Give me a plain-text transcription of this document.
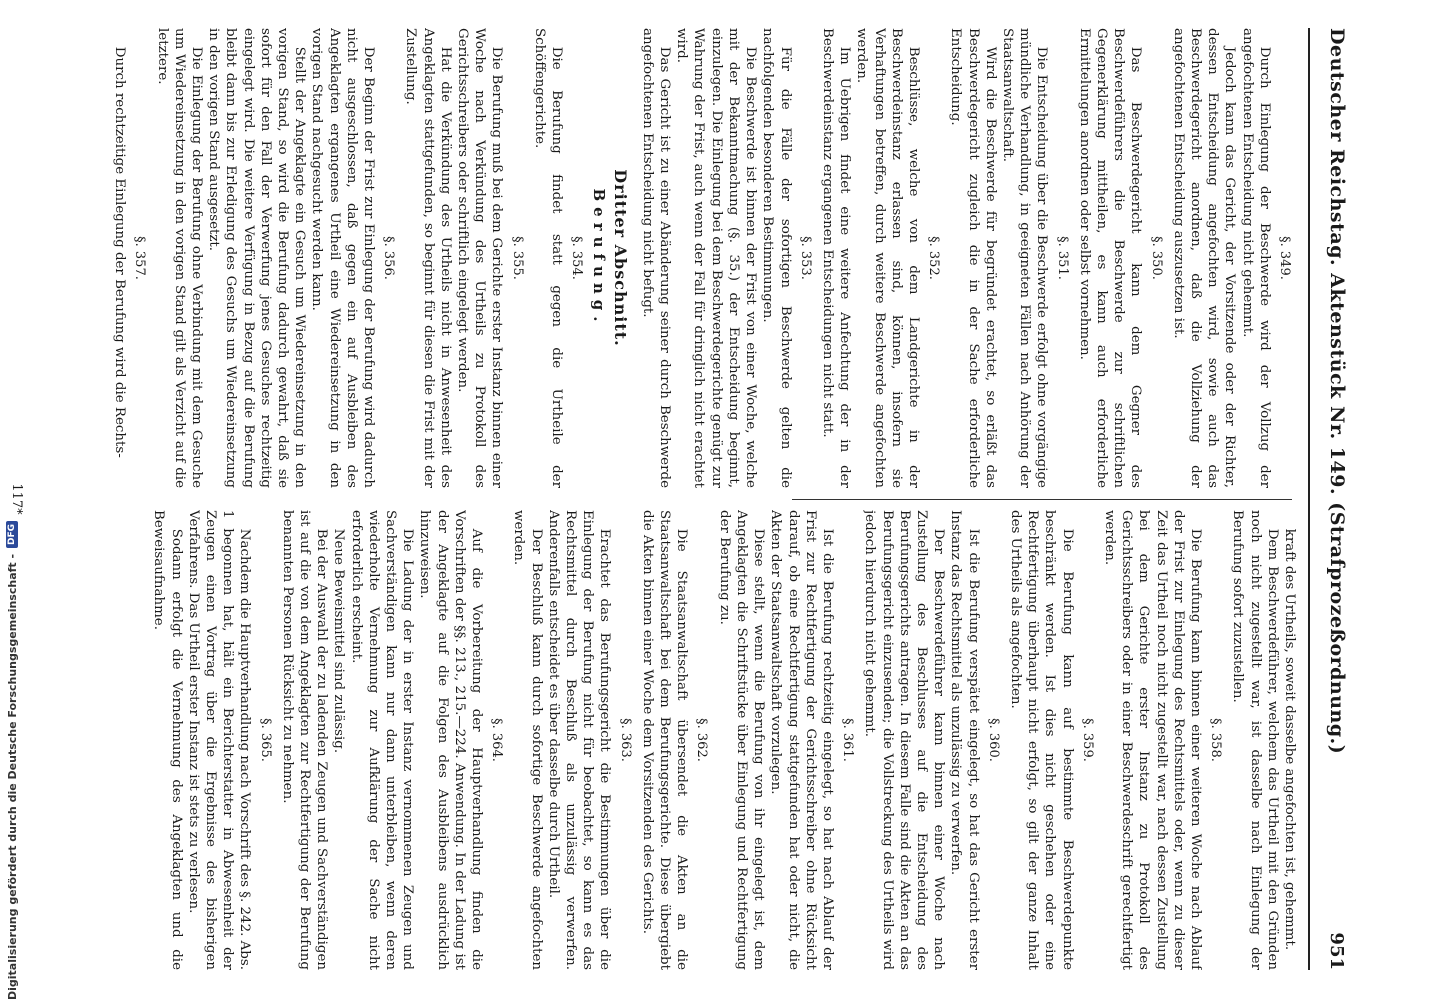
Deutscher Reichstag. Aktenstück Nr. 149. (Strafprozeßordnung.)
951

§. 349.

Durch Einlegung der Beschwerde wird der Vollzug der angefochtenen Entscheidung nicht gehemmt.

Jedoch kann das Gericht, der Vorsitzende oder der Richter, dessen Entscheidung angefochten wird, sowie auch das Beschwerdegericht anordnen, daß die Vollziehung der angefochtenen Entscheidung auszusetzen ist.

§. 350.

Das Beschwerdegericht kann dem Gegner des Beschwerdeführers die Beschwerde zur schriftlichen Gegenerklärung mittheilen, es kann auch erforderliche Ermittelungen anordnen oder selbst vornehmen.

§. 351.

Die Entscheidung über die Beschwerde erfolgt ohne vorgängige mündliche Verhandlung, in geeigneten Fällen nach Anhörung der Staatsanwaltschaft.

Wird die Beschwerde für begründet erachtet, so erläßt das Beschwerdegericht zugleich die in der Sache erforderliche Entscheidung.

§. 352.

Beschlüsse, welche von dem Landgerichte in der Beschwerdeinstanz erlassen sind, können, insofern sie Verhaftungen betreffen, durch weitere Beschwerde angefochten werden.

Im Uebrigen findet eine weitere Anfechtung der in der Beschwerdeinstanz ergangenen Entscheidungen nicht statt.

§. 353.

Für die Fälle der sofortigen Beschwerde gelten die nachfolgenden besonderen Bestimmungen.

Die Beschwerde ist binnen der Frist von einer Woche, welche mit der Bekanntmachung (§. 35.) der Entscheidung beginnt, einzulegen. Die Einlegung bei dem Beschwerdegerichte genügt zur Wahrung der Frist, auch wenn der Fall für dringlich nicht erachtet wird.

Das Gericht ist zu einer Abänderung seiner durch Beschwerde angefochtenen Entscheidung nicht befugt.

Dritter Abschnitt.

Berufung.

§. 354.

Die Berufung findet statt gegen die Urtheile der Schöffengerichte.

§. 355.

Die Berufung muß bei dem Gerichte erster Instanz binnen einer Woche nach Verkündung des Urtheils zu Protokoll des Gerichtsschreibers oder schriftlich eingelegt werden.

Hat die Verkündung des Urtheils nicht in Anwesenheit des Angeklagten stattgefunden, so beginnt für diesen die Frist mit der Zustellung.

§. 356.

Der Beginn der Frist zur Einlegung der Berufung wird dadurch nicht ausgeschlossen, daß gegen ein auf Ausbleiben des Angeklagten ergangenes Urtheil eine Wiedereinsetzung in den vorigen Stand nachgesucht werden kann.

Stellt der Angeklagte ein Gesuch um Wiedereinsetzung in den vorigen Stand, so wird die Berufung dadurch gewahrt, daß sie sofort für den Fall der Verwerfung jenes Gesuches rechtzeitig eingelegt wird. Die weitere Verfügung in Bezug auf die Berufung bleibt dann bis zur Erledigung des Gesuchs um Wiedereinsetzung in den vorigen Stand ausgesetzt.

Die Einlegung der Berufung ohne Verbindung mit dem Gesuche um Wiedereinsetzung in den vorigen Stand gilt als Verzicht auf die letztere.

§. 357.

Durch rechtzeitige Einlegung der Berufung wird die Rechts-

kraft des Urtheils, soweit dasselbe angefochten ist, gehemmt.

Dem Beschwerdeführer, welchem das Urtheil mit den Gründen noch nicht zugestellt war, ist dasselbe nach Einlegung der Berufung sofort zuzustellen.

§. 358.

Die Berufung kann binnen einer weiteren Woche nach Ablauf der Frist zur Einlegung des Rechtsmittels oder, wenn zu dieser Zeit das Urtheil noch nicht zugestellt war, nach dessen Zustellung bei dem Gerichte erster Instanz zu Protokoll des Gerichtsschreibers oder in einer Beschwerdeschrift gerechtfertigt werden.

§. 359.

Die Berufung kann auf bestimmte Beschwerdepunkte beschränkt werden. Ist dies nicht geschehen oder eine Rechtfertigung überhaupt nicht erfolgt, so gilt der ganze Inhalt des Urtheils als angefochten.

§. 360.

Ist die Berufung verspätet eingelegt, so hat das Gericht erster Instanz das Rechtsmittel als unzulässig zu verwerfen.

Der Beschwerdeführer kann binnen einer Woche nach Zustellung des Beschlusses auf die Entscheidung des Berufungsgerichts antragen. In diesem Falle sind die Akten an das Berufungsgericht einzusenden; die Vollstreckung des Urtheils wird jedoch hierdurch nicht gehemmt.

§. 361.

Ist die Berufung rechtzeitig eingelegt, so hat nach Ablauf der Frist zur Rechtfertigung der Gerichtsschreiber ohne Rücksicht darauf, ob eine Rechtfertigung stattgefunden hat oder nicht, die Akten der Staatsanwaltschaft vorzulegen.

Diese stellt, wenn die Berufung von ihr eingelegt ist, dem Angeklagten die Schriftstücke über Einlegung und Rechtfertigung der Berufung zu.

§. 362.

Die Staatsanwaltschaft übersendet die Akten an die Staatsanwaltschaft bei dem Berufungsgerichte. Diese übergiebt die Akten binnen einer Woche dem Vorsitzenden des Gerichts.

§. 363.

Erachtet das Berufungsgericht die Bestimmungen über die Einlegung der Berufung nicht für beobachtet, so kann es das Rechtsmittel durch Beschluß als unzulässig verwerfen. Anderenfalls entscheidet es über dasselbe durch Urtheil.

Der Beschluß kann durch sofortige Beschwerde angefochten werden.

§. 364.

Auf die Vorbereitung der Hauptverhandlung finden die Vorschriften der §§. 213., 215.—224. Anwendung. In der Ladung ist der Angeklagte auf die Folgen des Ausbleibens ausdrücklich hinzuweisen.

Die Ladung der in erster Instanz vernommenen Zeugen und Sachverständigen kann nur dann unterbleiben, wenn deren wiederholte Vernehmung zur Aufklärung der Sache nicht erforderlich erscheint.

Neue Beweismittel sind zulässig.

Bei der Auswahl der zu ladenden Zeugen und Sachverständigen ist auf die von dem Angeklagten zur Rechtfertigung der Berufung benannten Personen Rücksicht zu nehmen.

§. 365.

Nachdem die Hauptverhandlung nach Vorschrift des §. 242. Abs. 1 begonnen hat, hält ein Berichterstatter in Abwesenheit der Zeugen einen Vortrag über die Ergebnisse des bisherigen Verfahrens. Das Urtheil erster Instanz ist stets zu verlesen.

Sodann erfolgt die Vernehmung des Angeklagten und die Beweisaufnahme.

117*
Digitalisierung gefördert durch die Deutsche Forschungsgemeinschaft -
DFG
